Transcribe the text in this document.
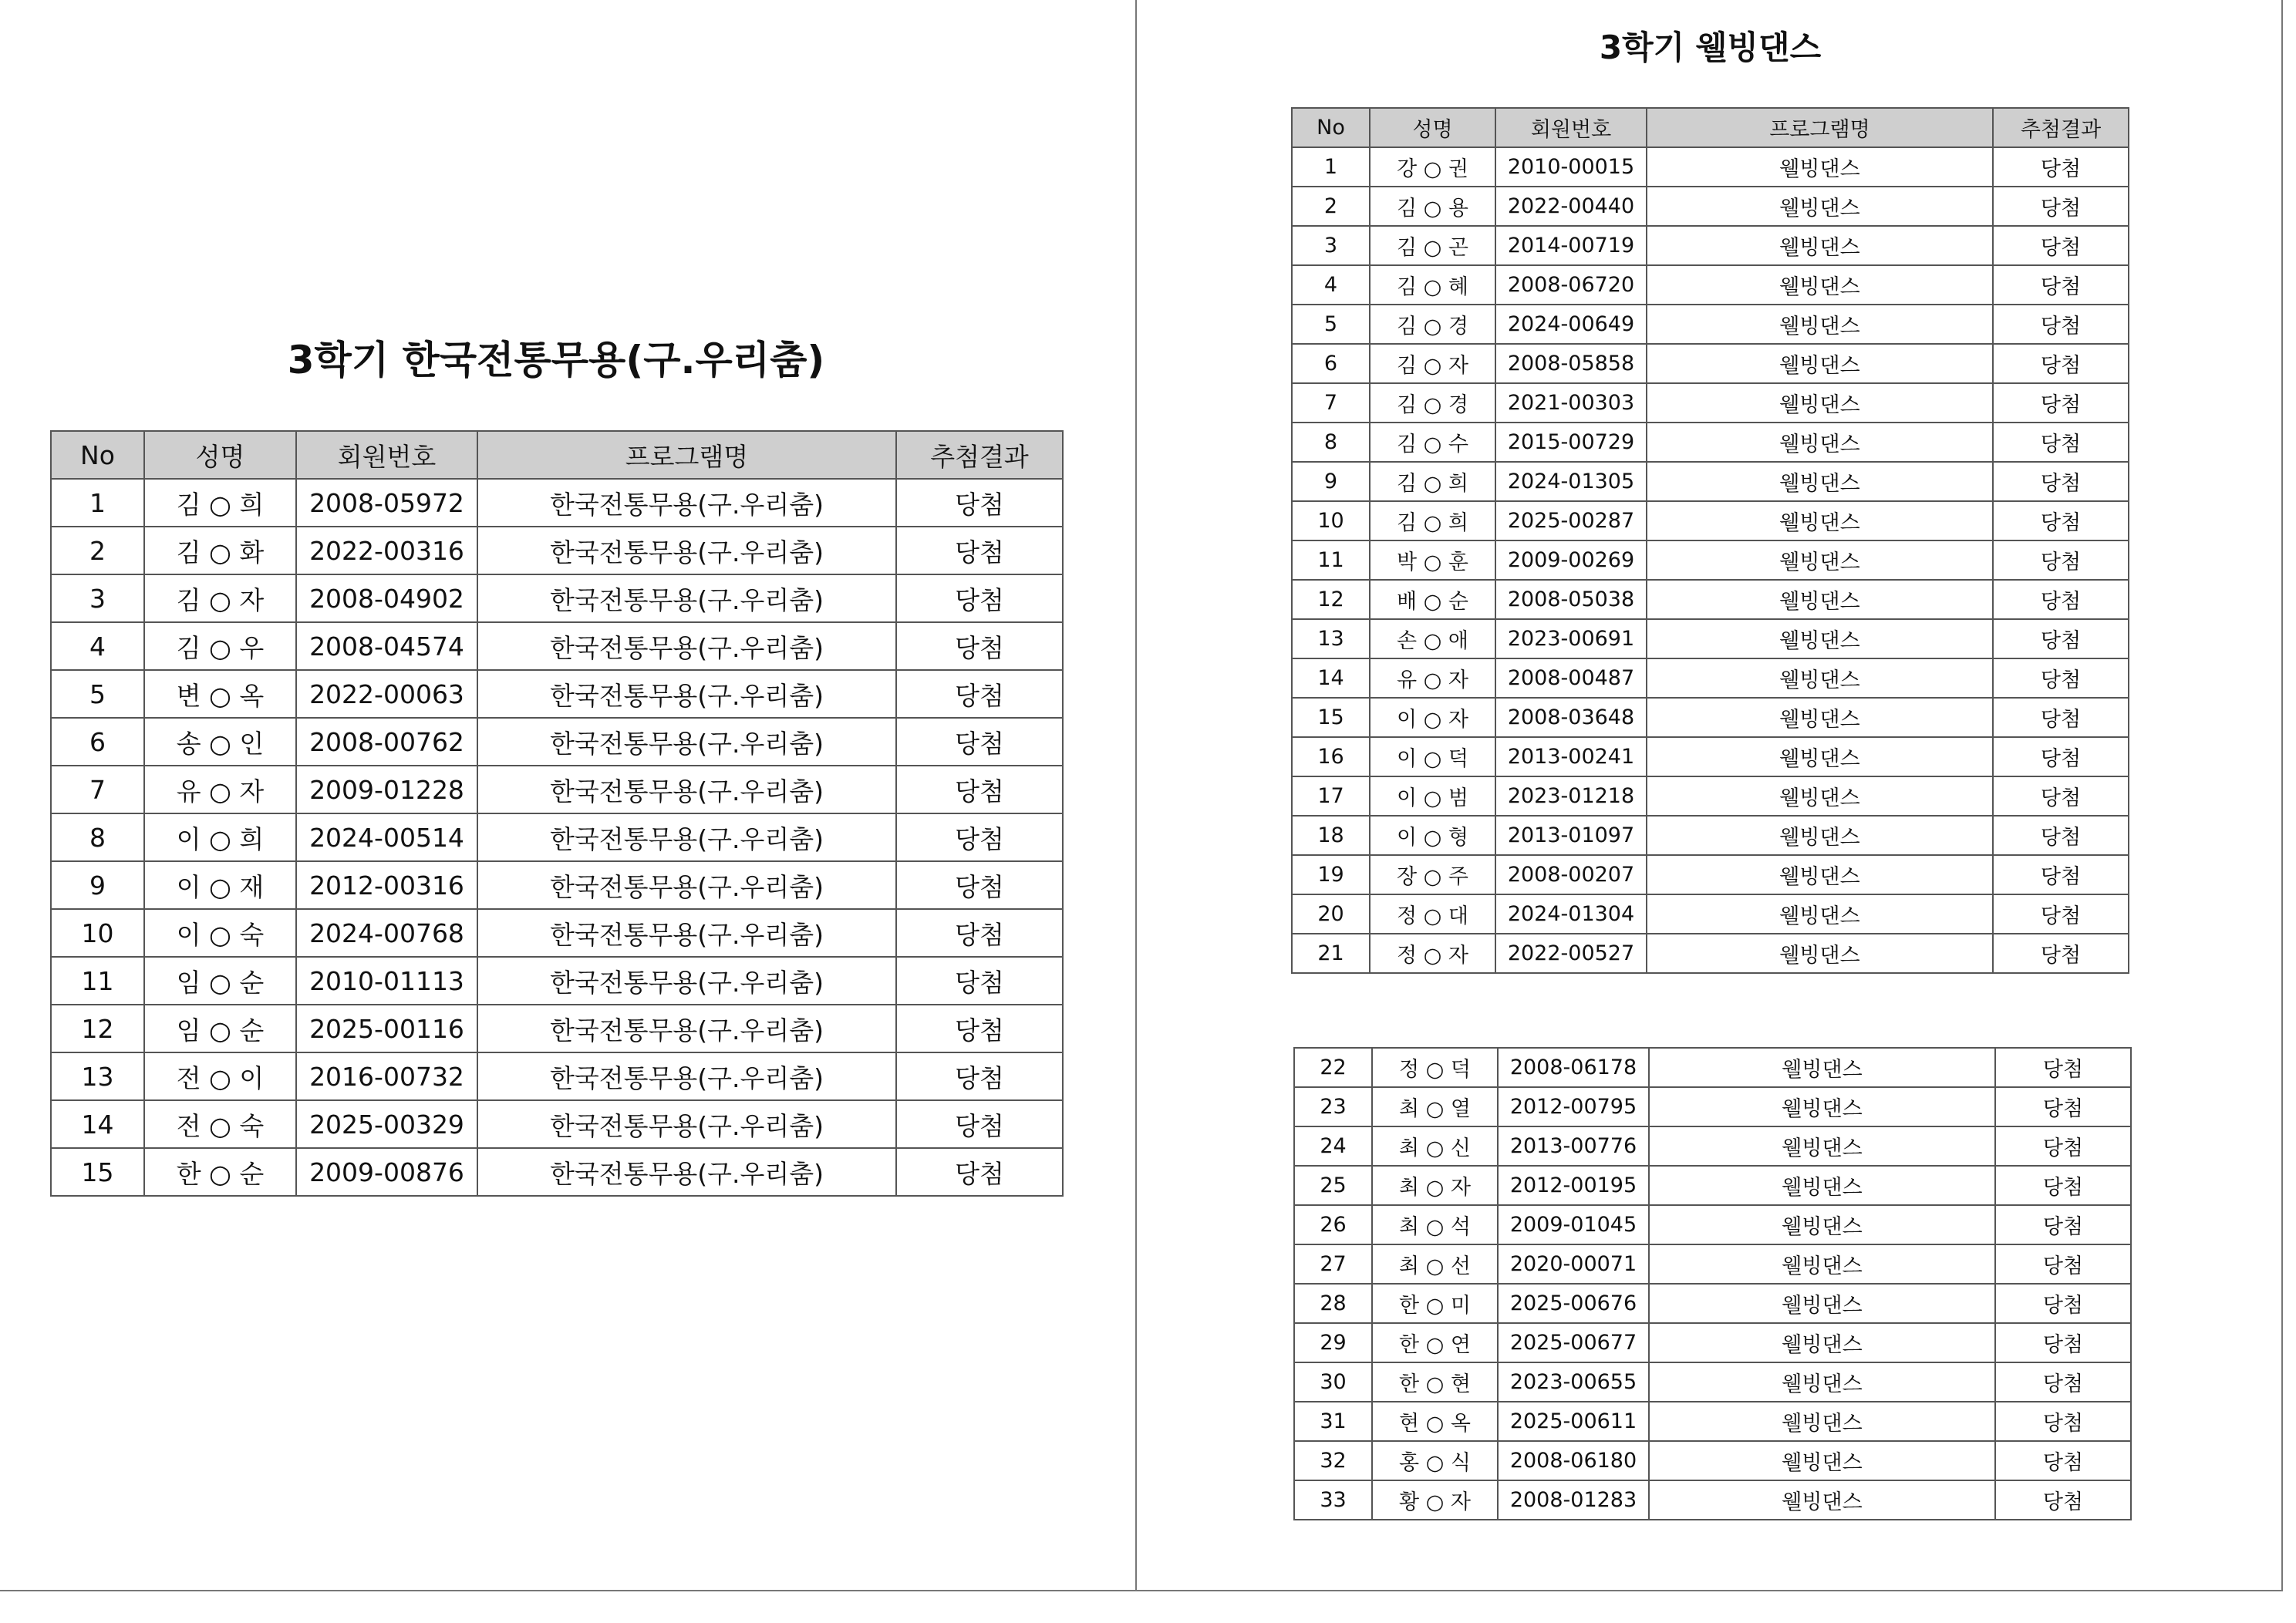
3학기 한국전통무용(구.우리춤)
No	성명	회원번호	프로그램명	추첨결과
1	김 ○ 희	2008-05972	한국전통무용(구.우리춤)	당첨
2	김 ○ 화	2022-00316	한국전통무용(구.우리춤)	당첨
3	김 ○ 자	2008-04902	한국전통무용(구.우리춤)	당첨
4	김 ○ 우	2008-04574	한국전통무용(구.우리춤)	당첨
5	변 ○ 옥	2022-00063	한국전통무용(구.우리춤)	당첨
6	송 ○ 인	2008-00762	한국전통무용(구.우리춤)	당첨
7	유 ○ 자	2009-01228	한국전통무용(구.우리춤)	당첨
8	이 ○ 희	2024-00514	한국전통무용(구.우리춤)	당첨
9	이 ○ 재	2012-00316	한국전통무용(구.우리춤)	당첨
10	이 ○ 숙	2024-00768	한국전통무용(구.우리춤)	당첨
11	임 ○ 순	2010-01113	한국전통무용(구.우리춤)	당첨
12	임 ○ 순	2025-00116	한국전통무용(구.우리춤)	당첨
13	전 ○ 이	2016-00732	한국전통무용(구.우리춤)	당첨
14	전 ○ 숙	2025-00329	한국전통무용(구.우리춤)	당첨
15	한 ○ 순	2009-00876	한국전통무용(구.우리춤)	당첨
3학기 웰빙댄스
No	성명	회원번호	프로그램명	추첨결과
1	강 ○ 권	2010-00015	웰빙댄스	당첨
2	김 ○ 용	2022-00440	웰빙댄스	당첨
3	김 ○ 곤	2014-00719	웰빙댄스	당첨
4	김 ○ 혜	2008-06720	웰빙댄스	당첨
5	김 ○ 경	2024-00649	웰빙댄스	당첨
6	김 ○ 자	2008-05858	웰빙댄스	당첨
7	김 ○ 경	2021-00303	웰빙댄스	당첨
8	김 ○ 수	2015-00729	웰빙댄스	당첨
9	김 ○ 희	2024-01305	웰빙댄스	당첨
10	김 ○ 희	2025-00287	웰빙댄스	당첨
11	박 ○ 훈	2009-00269	웰빙댄스	당첨
12	배 ○ 순	2008-05038	웰빙댄스	당첨
13	손 ○ 애	2023-00691	웰빙댄스	당첨
14	유 ○ 자	2008-00487	웰빙댄스	당첨
15	이 ○ 자	2008-03648	웰빙댄스	당첨
16	이 ○ 덕	2013-00241	웰빙댄스	당첨
17	이 ○ 범	2023-01218	웰빙댄스	당첨
18	이 ○ 형	2013-01097	웰빙댄스	당첨
19	장 ○ 주	2008-00207	웰빙댄스	당첨
20	정 ○ 대	2024-01304	웰빙댄스	당첨
21	정 ○ 자	2022-00527	웰빙댄스	당첨
22	정 ○ 덕	2008-06178	웰빙댄스	당첨
23	최 ○ 열	2012-00795	웰빙댄스	당첨
24	최 ○ 신	2013-00776	웰빙댄스	당첨
25	최 ○ 자	2012-00195	웰빙댄스	당첨
26	최 ○ 석	2009-01045	웰빙댄스	당첨
27	최 ○ 선	2020-00071	웰빙댄스	당첨
28	한 ○ 미	2025-00676	웰빙댄스	당첨
29	한 ○ 연	2025-00677	웰빙댄스	당첨
30	한 ○ 현	2023-00655	웰빙댄스	당첨
31	현 ○ 옥	2025-00611	웰빙댄스	당첨
32	홍 ○ 식	2008-06180	웰빙댄스	당첨
33	황 ○ 자	2008-01283	웰빙댄스	당첨
